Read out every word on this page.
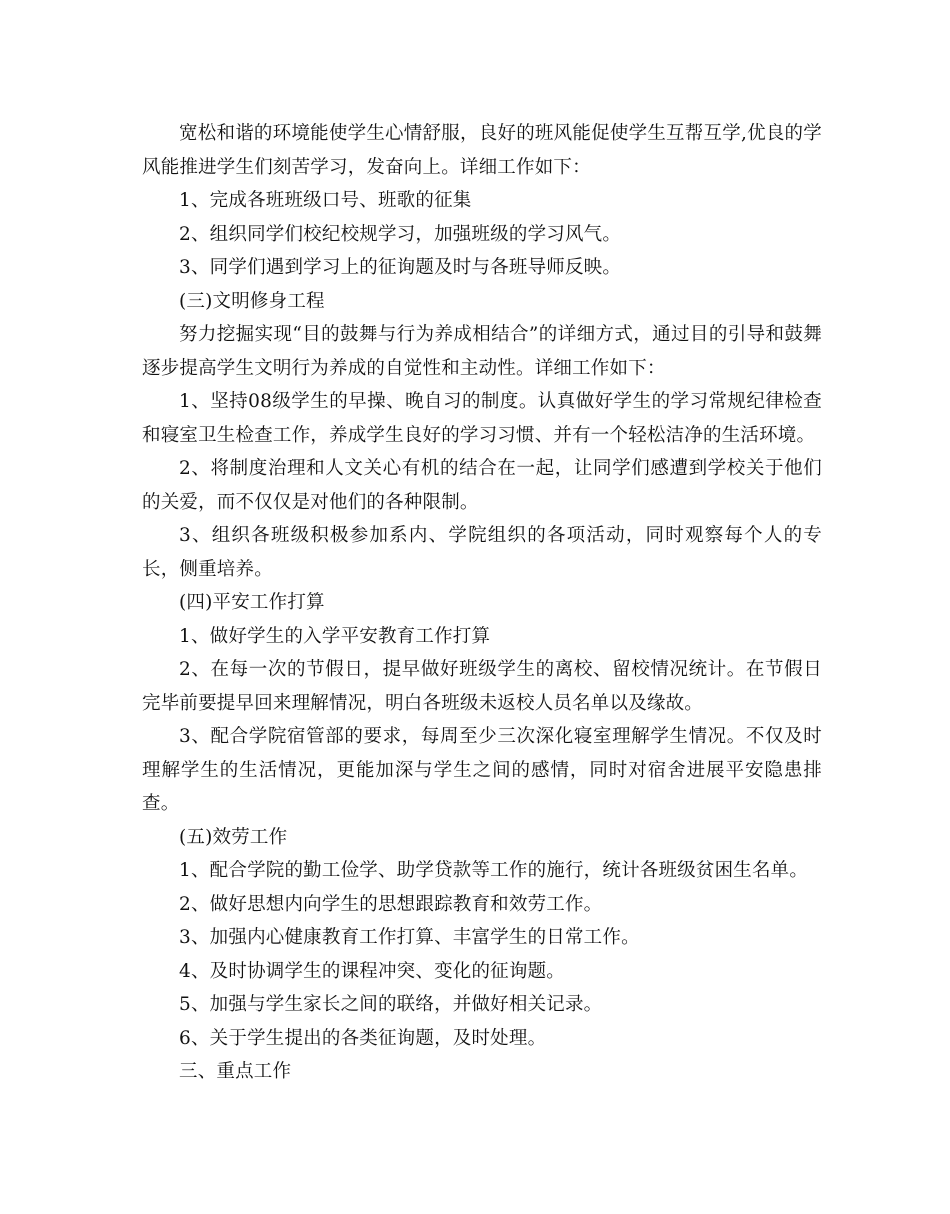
宽松和谐的环境能使学生心情舒服，良好的班风能促使学生互帮互学,优良的学风能推进学生们刻苦学习，发奋向上。详细工作如下：

1、完成各班班级口号、班歌的征集

2、组织同学们校纪校规学习，加强班级的学习风气。

3、同学们遇到学习上的征询题及时与各班导师反映。

(三)文明修身工程

努力挖掘实现“目的鼓舞与行为养成相结合”的详细方式，通过目的引导和鼓舞逐步提高学生文明行为养成的自觉性和主动性。详细工作如下：

1、坚持08级学生的早操、晚自习的制度。认真做好学生的学习常规纪律检查和寝室卫生检查工作，养成学生良好的学习习惯、并有一个轻松洁净的生活环境。

2、将制度治理和人文关心有机的结合在一起，让同学们感遭到学校关于他们的关爱，而不仅仅是对他们的各种限制。

3、组织各班级积极参加系内、学院组织的各项活动，同时观察每个人的专长，侧重培养。

(四)平安工作打算

1、做好学生的入学平安教育工作打算

2、在每一次的节假日，提早做好班级学生的离校、留校情况统计。在节假日完毕前要提早回来理解情况，明白各班级未返校人员名单以及缘故。

3、配合学院宿管部的要求，每周至少三次深化寝室理解学生情况。不仅及时理解学生的生活情况，更能加深与学生之间的感情，同时对宿舍进展平安隐患排查。

(五)效劳工作

1、配合学院的勤工俭学、助学贷款等工作的施行，统计各班级贫困生名单。

2、做好思想内向学生的思想跟踪教育和效劳工作。

3、加强内心健康教育工作打算、丰富学生的日常工作。

4、及时协调学生的课程冲突、变化的征询题。

5、加强与学生家长之间的联络，并做好相关记录。

6、关于学生提出的各类征询题，及时处理。

三、重点工作
